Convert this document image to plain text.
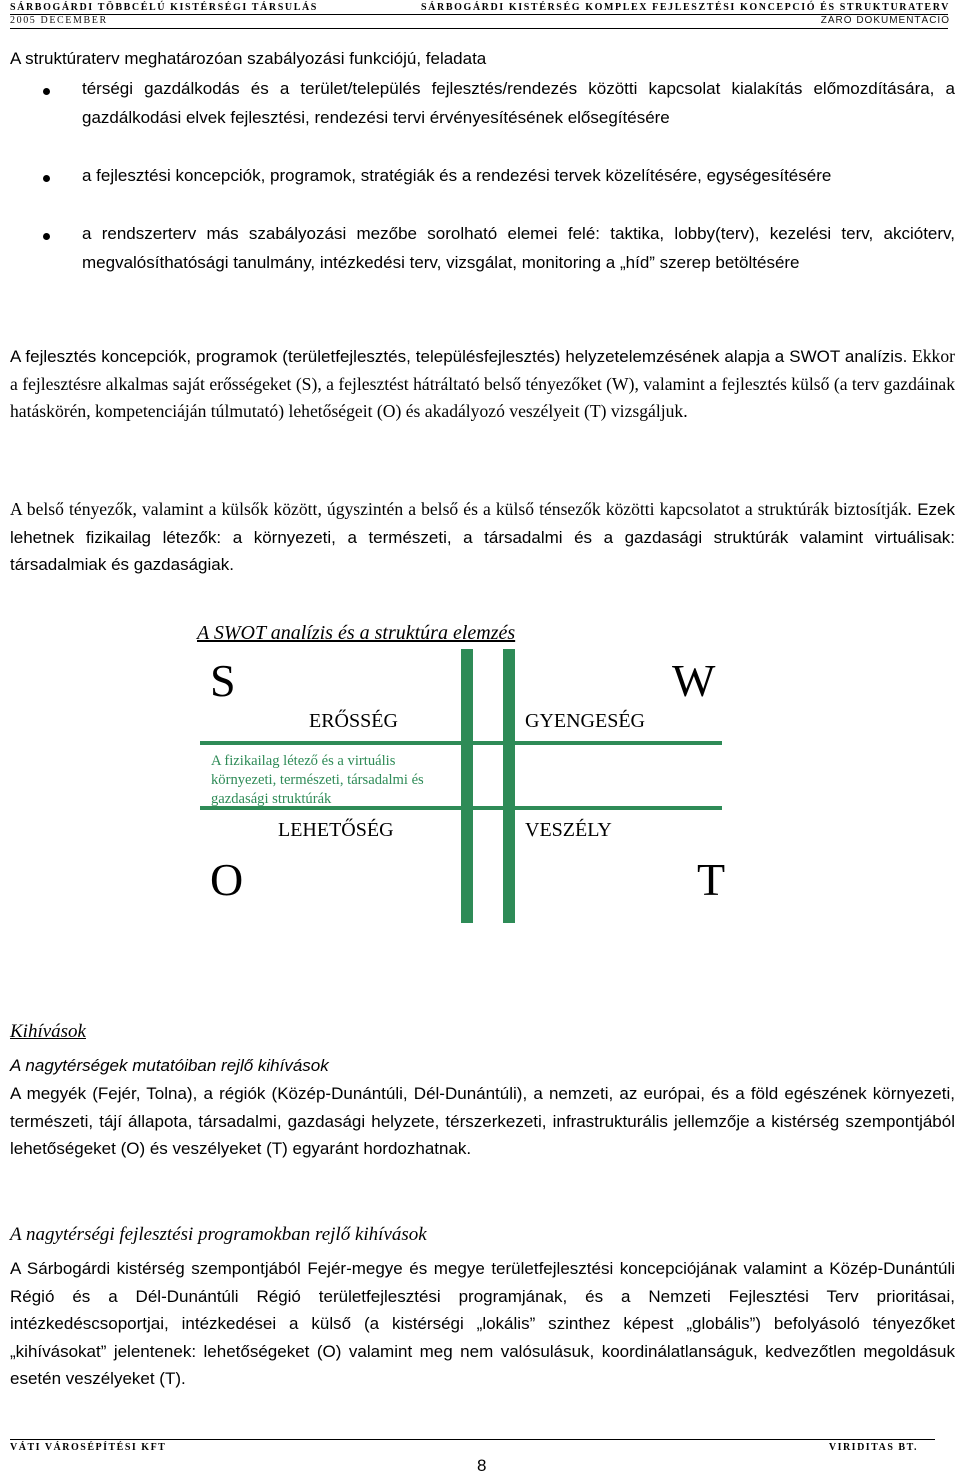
SÁRBOGÁRDI TÖBBCÉLÚ KISTÉRSÉGI TÁRSULÁS	SÁRBOGÁRDI KISTÉRSÉG KOMPLEX FEJLESZTÉSI KONCEPCIÓ ÉS STRUKTURATERV
2005 DECEMBER	ZÁRÓ DOKUMENTÁCIÓ
A struktúraterv meghatározóan szabályozási funkciójú, feladata
térségi gazdálkodás és a terület/település fejlesztés/rendezés közötti kapcsolat kialakítás előmozdítására, a gazdálkodási elvek fejlesztési, rendezési tervi érvényesítésének elősegítésére
a fejlesztési koncepciók, programok, stratégiák és a rendezési tervek közelítésére, egységesítésére
a rendszerterv más szabályozási mezőbe sorolható elemei felé: taktika, lobby(terv), kezelési terv, akcióterv, megvalósíthatósági tanulmány, intézkedési terv, vizsgálat, monitoring a „híd” szerep betöltésére
A fejlesztés koncepciók, programok (területfejlesztés, településfejlesztés) helyzetelemzésének alapja a SWOT analízis. Ekkor a fejlesztésre alkalmas saját erősségeket (S), a fejlesztést hátráltató belső tényezőket (W), valamint a fejlesztés külső (a terv gazdáinak hatáskörén, kompetenciáján túlmutató) lehetőségeit (O) és akadályozó veszélyeit (T) vizsgáljuk.
A belső tényezők, valamint a külsők között, úgyszintén a belső és a külső ténsezők közötti kapcsolatot a struktúrák biztosítják. Ezek lehetnek fizikailag létezők: a környezeti, a természeti, a társadalmi és a gazdasági struktúrák valamint virtuálisak: társadalmiak és gazdaságiak.
A SWOT analízis és a struktúra elemzés
S	W
O	T
ERŐSSÉG	GYENGESÉG
LEHETŐSÉG	VESZÉLY
A fizikailag létező és a virtuális környezeti, természeti, társadalmi és gazdasági struktúrák
Kihívások
A nagytérségek mutatóiban rejlő kihívások
A megyék (Fejér, Tolna), a régiók (Közép-Dunántúli, Dél-Dunántúli), a nemzeti, az európai, és a föld egészének környezeti, természeti, tájí állapota, társadalmi, gazdasági helyzete, térszerkezeti, infrastrukturális jellemzője a kistérség szempontjából lehetőségeket (O) és veszélyeket (T) egyaránt hordozhatnak.
A nagytérségi fejlesztési programokban rejlő kihívások
A Sárbogárdi kistérség szempontjából Fejér-megye és megye területfejlesztési koncepciójának valamint a Közép-Dunántúli Régió és a Dél-Dunántúli Régió területfejlesztési programjának, és a Nemzeti Fejlesztési Terv prioritásai, intézkedéscsoportjai, intézkedései a külső (a kistérségi „lokális” szinthez képest „globális”) befolyásoló tényezőket „kihívásokat” jelentenek: lehetőségeket (O) valamint meg nem valósulásuk, koordinálatlanságuk, kedvezőtlen megoldásuk esetén veszélyeket (T).
VÁTI VÁROSÉPÍTÉSI KFT	VIRIDITAS BT.
8
